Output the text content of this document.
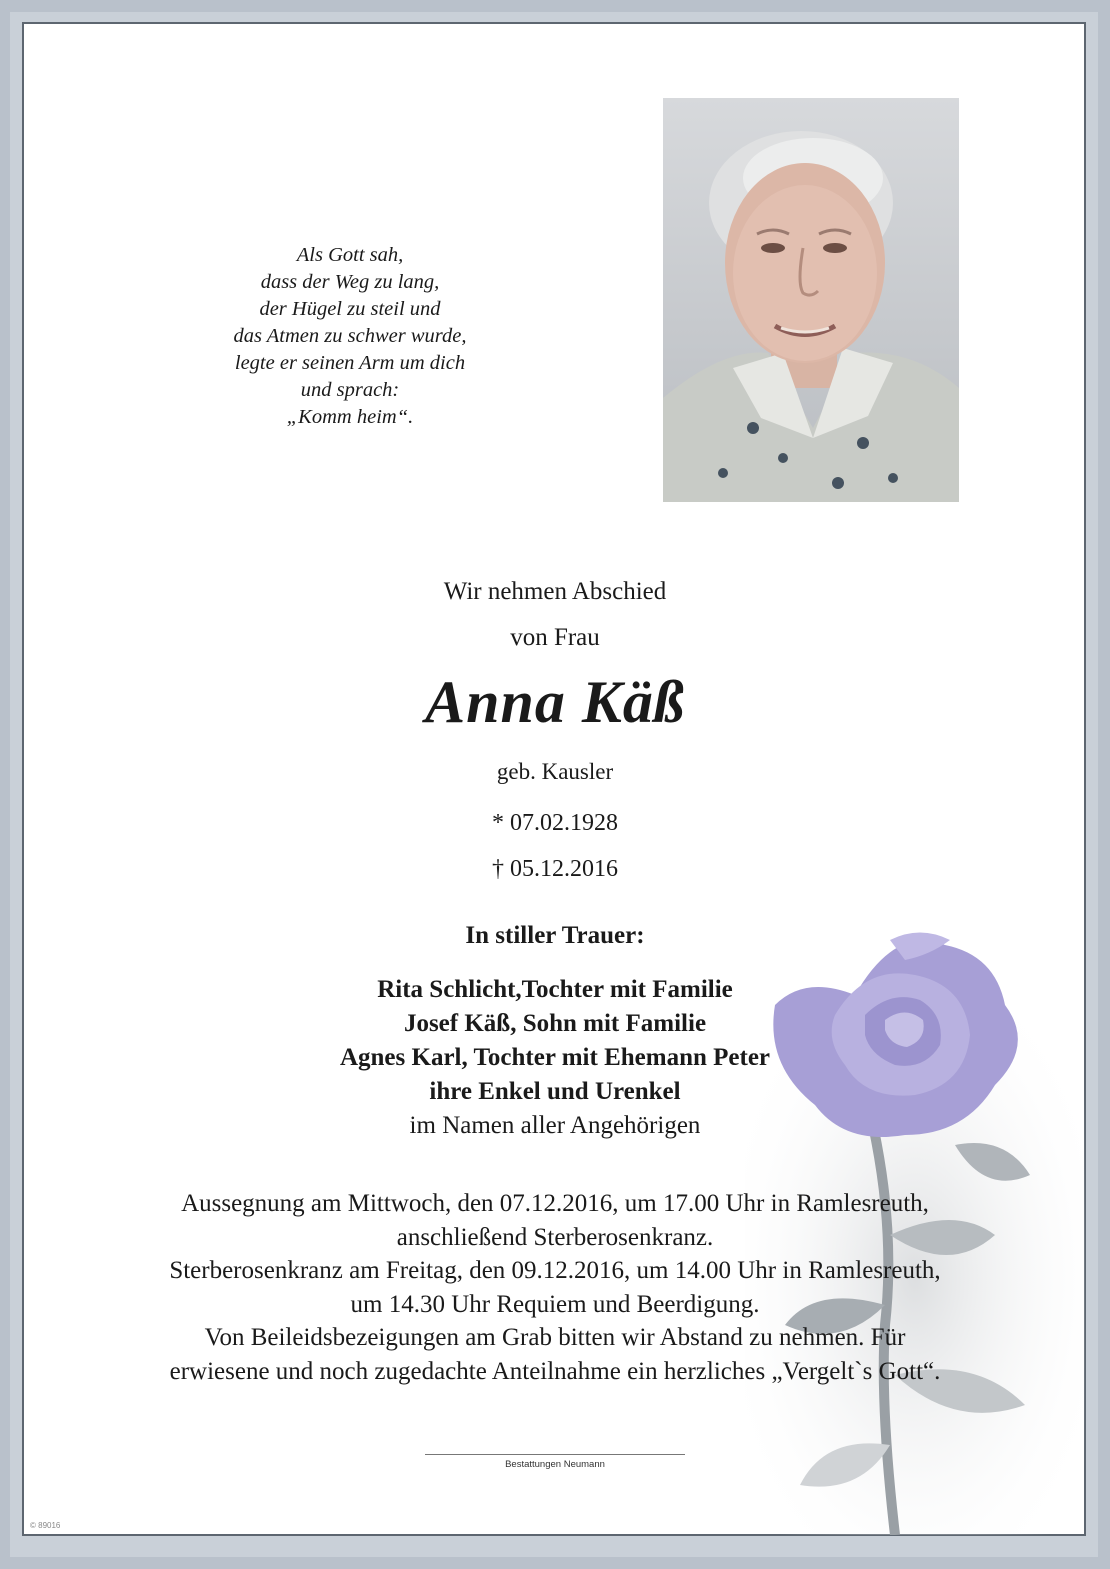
Als Gott sah,
dass der Weg zu lang,
der Hügel zu steil und
das Atmen zu schwer wurde,
legte er seinen Arm um dich
und sprach:
„Komm heim“.
Wir nehmen Abschied
von Frau
Anna Käß
geb. Kausler
* 07.02.1928
† 05.12.2016
In stiller Trauer:
Rita Schlicht,Tochter mit Familie
Josef Käß, Sohn mit Familie
Agnes Karl, Tochter mit Ehemann Peter
ihre Enkel und Urenkel
im Namen aller Angehörigen
Aussegnung am Mittwoch, den 07.12.2016, um 17.00 Uhr in Ramlesreuth,
anschließend Sterberosenkranz.
Sterberosenkranz am Freitag, den 09.12.2016, um 14.00 Uhr in Ramlesreuth,
um 14.30 Uhr Requiem und Beerdigung.
Von Beileidsbezeigungen am Grab bitten wir Abstand zu nehmen. Für
erwiesene und noch zugedachte Anteilnahme ein herzliches „Vergelt`s Gott“.
Bestattungen Neumann
© 89016
